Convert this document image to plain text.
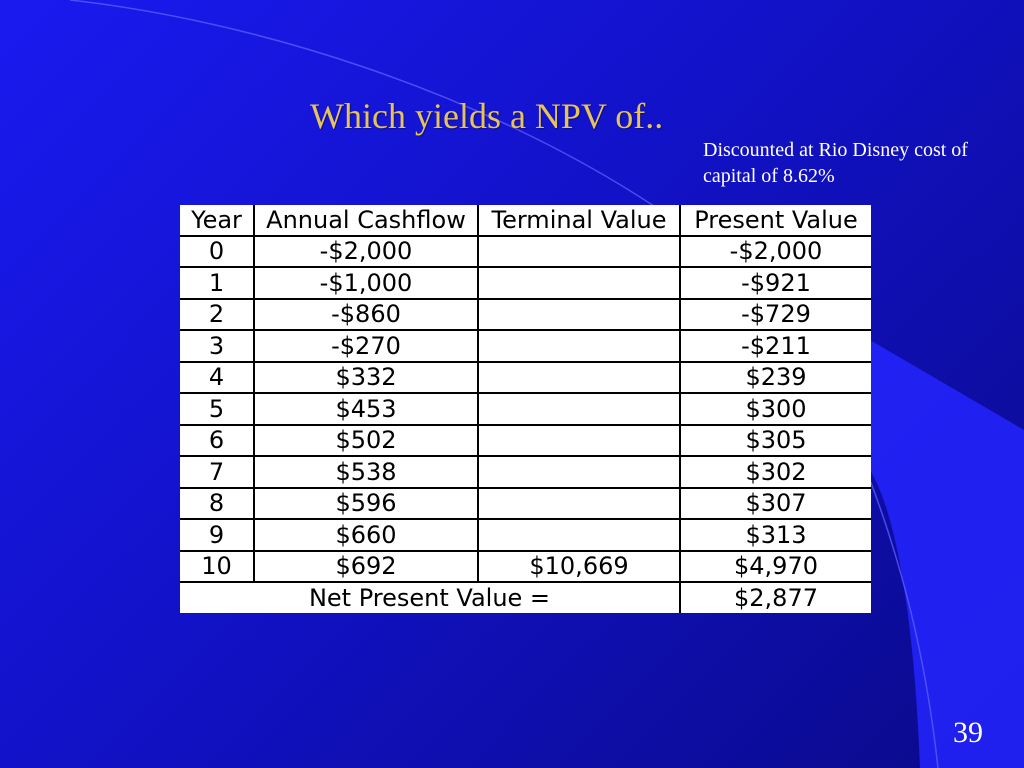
Which yields a NPV of..
Discounted at Rio Disney cost of capital of 8.62%
Year	Annual Cashflow	Terminal Value	Present Value
0	-$2,000		-$2,000
1	-$1,000		-$921
2	-$860		-$729
3	-$270		-$211
4	$332		$239
5	$453		$300
6	$502		$305
7	$538		$302
8	$596		$307
9	$660		$313
10	$692	$10,669	$4,970
Net Present Value =			$2,877
39
